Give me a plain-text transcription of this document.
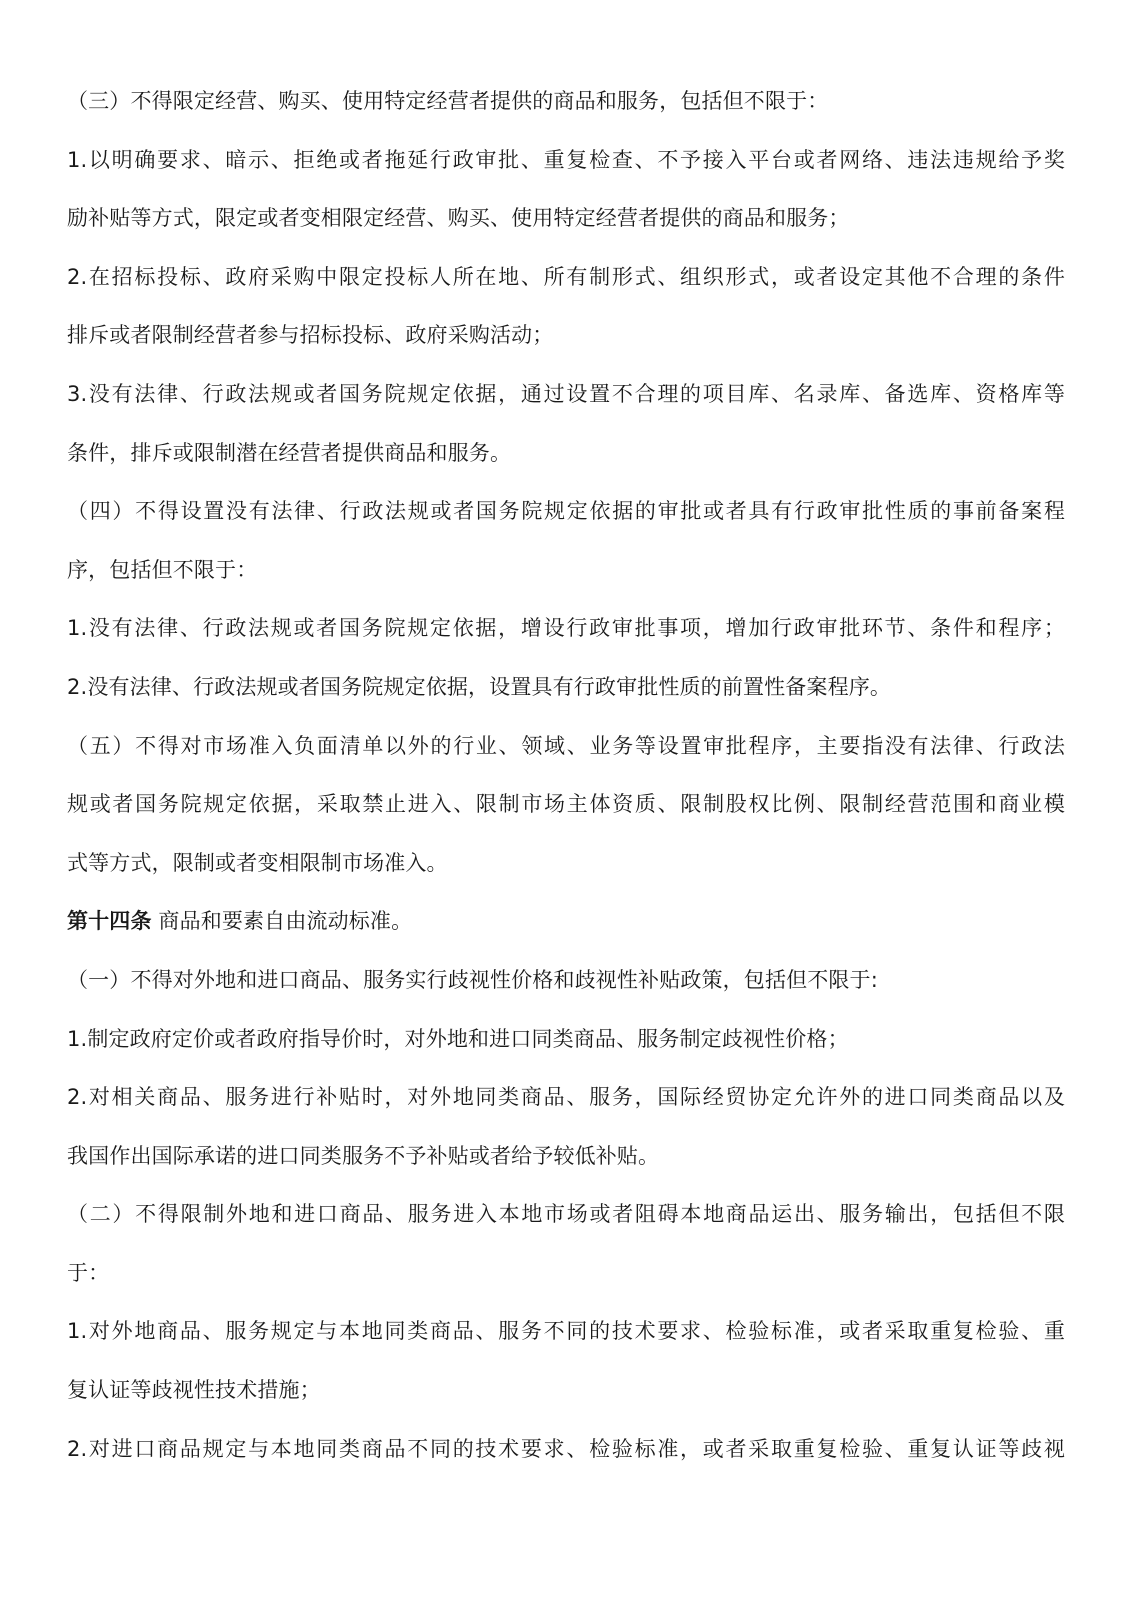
（三）不得限定经营、购买、使用特定经营者提供的商品和服务，包括但不限于：
1.以明确要求、暗示、拒绝或者拖延行政审批、重复检查、不予接入平台或者网络、违法违规给予奖
励补贴等方式，限定或者变相限定经营、购买、使用特定经营者提供的商品和服务；
2.在招标投标、政府采购中限定投标人所在地、所有制形式、组织形式，或者设定其他不合理的条件
排斥或者限制经营者参与招标投标、政府采购活动；
3.没有法律、行政法规或者国务院规定依据，通过设置不合理的项目库、名录库、备选库、资格库等
条件，排斥或限制潜在经营者提供商品和服务。
（四）不得设置没有法律、行政法规或者国务院规定依据的审批或者具有行政审批性质的事前备案程
序，包括但不限于：
1.没有法律、行政法规或者国务院规定依据，增设行政审批事项，增加行政审批环节、条件和程序；
2.没有法律、行政法规或者国务院规定依据，设置具有行政审批性质的前置性备案程序。
（五）不得对市场准入负面清单以外的行业、领域、业务等设置审批程序，主要指没有法律、行政法
规或者国务院规定依据，采取禁止进入、限制市场主体资质、限制股权比例、限制经营范围和商业模
式等方式，限制或者变相限制市场准入。
第十四条 商品和要素自由流动标准。
（一）不得对外地和进口商品、服务实行歧视性价格和歧视性补贴政策，包括但不限于:
1.制定政府定价或者政府指导价时，对外地和进口同类商品、服务制定歧视性价格；
2.对相关商品、服务进行补贴时，对外地同类商品、服务，国际经贸协定允许外的进口同类商品以及
我国作出国际承诺的进口同类服务不予补贴或者给予较低补贴。
（二）不得限制外地和进口商品、服务进入本地市场或者阻碍本地商品运出、服务输出，包括但不限
于：
1.对外地商品、服务规定与本地同类商品、服务不同的技术要求、检验标准，或者采取重复检验、重
复认证等歧视性技术措施；
2.对进口商品规定与本地同类商品不同的技术要求、检验标准，或者采取重复检验、重复认证等歧视
